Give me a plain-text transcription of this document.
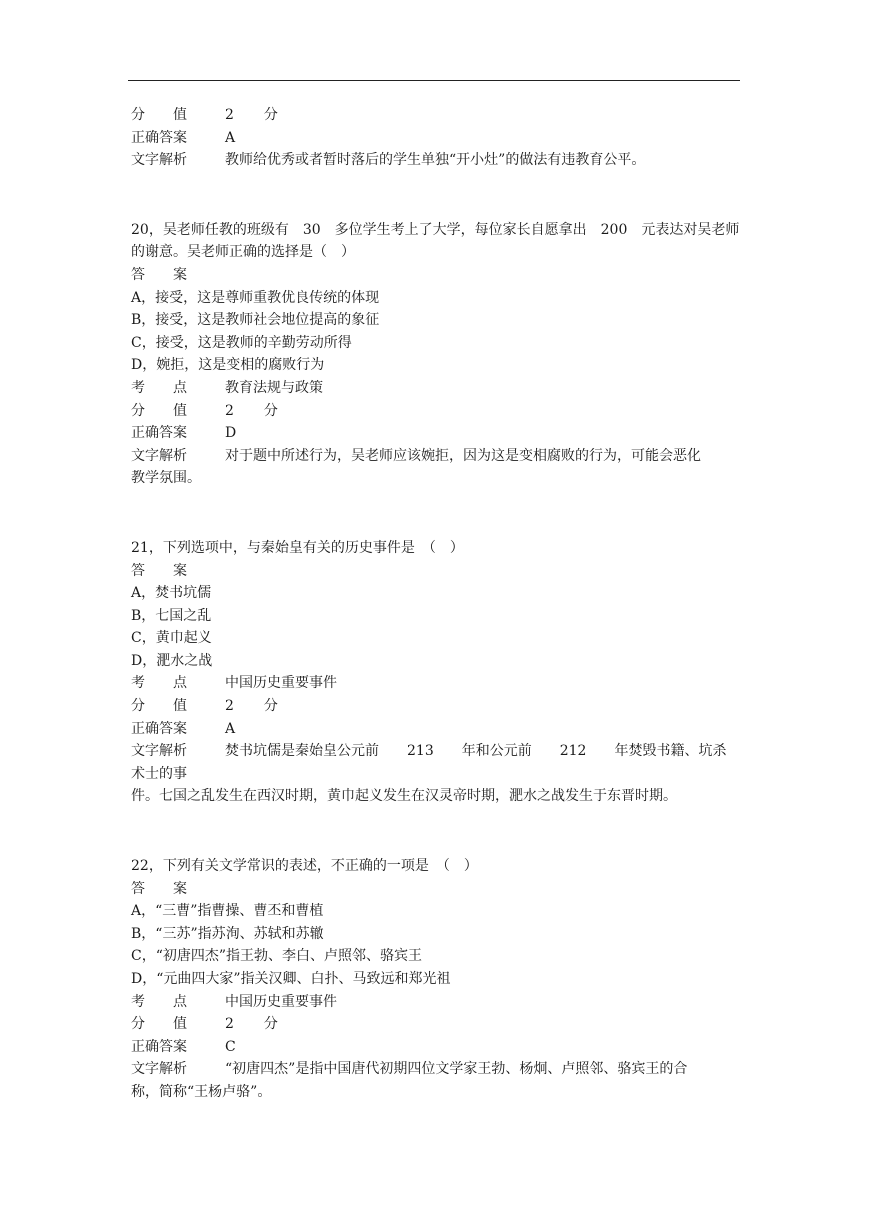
分　　值	2 分
正确答案	A
文字解析	教师给优秀或者暂时落后的学生单独“开小灶”的做法有违教育公平。
20，吴老师任教的班级有　30　多位学生考上了大学，每位家长自愿拿出　200　元表达对吴老师
的谢意。吴老师正确的选择是（　）
答　　案
A，接受，这是尊师重教优良传统的体现
B，接受，这是教师社会地位提高的象征
C，接受，这是教师的辛勤劳动所得
D，婉拒，这是变相的腐败行为
考　　点	教育法规与政策
分　　值	2 分
正确答案	D
文字解析	对于题中所述行为，吴老师应该婉拒，因为这是变相腐败的行为，可能会恶化
教学氛围。
21，下列选项中，与秦始皇有关的历史事件是　（　）
答　　案
A，焚书坑儒
B，七国之乱
C，黄巾起义
D，淝水之战
考　　点	中国历史重要事件
分　　值	2 分
正确答案	A
文字解析	焚书坑儒是秦始皇公元前　　213　　年和公元前　　212　　年焚毁书籍、坑杀
术士的事
件。七国之乱发生在西汉时期，黄巾起义发生在汉灵帝时期，淝水之战发生于东晋时期。
22，下列有关文学常识的表述，不正确的一项是　（　）
答　　案
A，“三曹”指曹操、曹丕和曹植
B，“三苏”指苏洵、苏轼和苏辙
C，“初唐四杰”指王勃、李白、卢照邻、骆宾王
D，“元曲四大家”指关汉卿、白扑、马致远和郑光祖
考　　点	中国历史重要事件
分　　值	2 分
正确答案	C
文字解析	“初唐四杰”是指中国唐代初期四位文学家王勃、杨炯、卢照邻、骆宾王的合
称，简称“王杨卢骆”。
